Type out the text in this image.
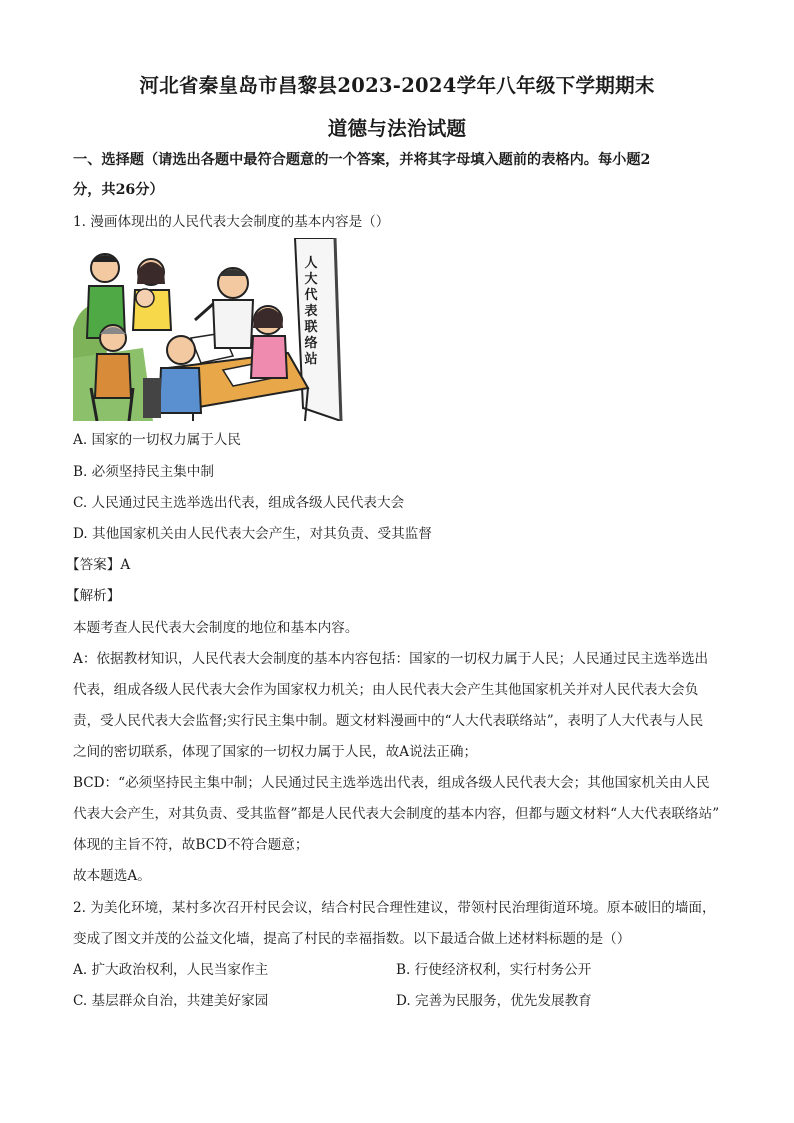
河北省秦皇岛市昌黎县2023-2024学年八年级下学期期末
道德与法治试题
一、选择题（请选出各题中最符合题意的一个答案，并将其字母填入题前的表格内。每小题2
分，共26分）
1. 漫画体现出的人民代表大会制度的基本内容是（）
人大代表联络站
A. 国家的一切权力属于人民
B. 必须坚持民主集中制
C. 人民通过民主选举选出代表，组成各级人民代表大会
D. 其他国家机关由人民代表大会产生，对其负责、受其监督
【答案】A
【解析】
本题考查人民代表大会制度的地位和基本内容。
A：依据教材知识，人民代表大会制度的基本内容包括：国家的一切权力属于人民；人民通过民主选举选出
代表，组成各级人民代表大会作为国家权力机关；由人民代表大会产生其他国家机关并对人民代表大会负
责，受人民代表大会监督;实行民主集中制。题文材料漫画中的“人大代表联络站”，表明了人大代表与人民
之间的密切联系，体现了国家的一切权力属于人民，故A说法正确；
BCD：“必须坚持民主集中制；人民通过民主选举选出代表，组成各级人民代表大会；其他国家机关由人民
代表大会产生，对其负责、受其监督”都是人民代表大会制度的基本内容，但都与题文材料“人大代表联络站”
体现的主旨不符，故BCD不符合题意；
故本题选A。
2. 为美化环境，某村多次召开村民会议，结合村民合理性建议，带领村民治理街道环境。原本破旧的墙面，
变成了图文并茂的公益文化墙，提高了村民的幸福指数。以下最适合做上述材料标题的是（）
A. 扩大政治权利，人民当家作主	B. 行使经济权利，实行村务公开
C. 基层群众自治，共建美好家园	D. 完善为民服务，优先发展教育
